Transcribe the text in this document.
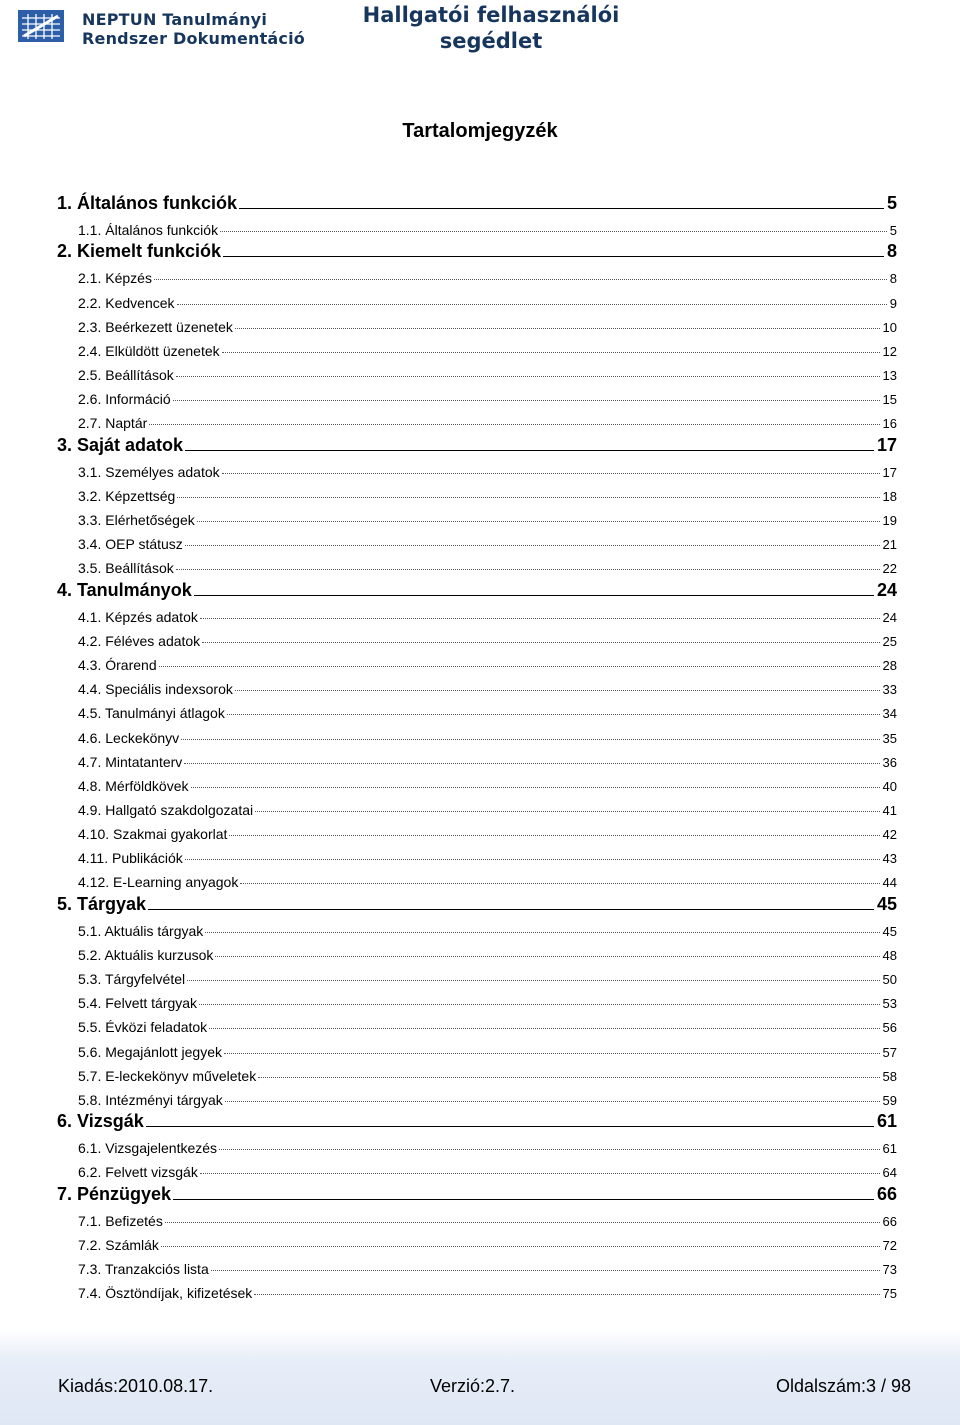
NEPTUN Tanulmányi
Rendszer Dokumentáció
Hallgatói felhasználói
segédlet
Tartalomjegyzék
1. Általános funkciók	5
1.1. Általános funkciók	5
2. Kiemelt funkciók	8
2.1. Képzés	8
2.2. Kedvencek	9
2.3. Beérkezett üzenetek	10
2.4. Elküldött üzenetek	12
2.5. Beállítások	13
2.6. Információ	15
2.7. Naptár	16
3. Saját adatok	17
3.1. Személyes adatok	17
3.2. Képzettség	18
3.3. Elérhetőségek	19
3.4. OEP státusz	21
3.5. Beállítások	22
4. Tanulmányok	24
4.1. Képzés adatok	24
4.2. Féléves adatok	25
4.3. Órarend	28
4.4. Speciális indexsorok	33
4.5. Tanulmányi átlagok	34
4.6. Leckekönyv	35
4.7. Mintatanterv	36
4.8. Mérföldkövek	40
4.9. Hallgató szakdolgozatai	41
4.10. Szakmai gyakorlat	42
4.11. Publikációk	43
4.12. E-Learning anyagok	44
5. Tárgyak	45
5.1. Aktuális tárgyak	45
5.2. Aktuális kurzusok	48
5.3. Tárgyfelvétel	50
5.4. Felvett tárgyak	53
5.5. Évközi feladatok	56
5.6. Megajánlott jegyek	57
5.7. E-leckekönyv műveletek	58
5.8. Intézményi tárgyak	59
6. Vizsgák	61
6.1. Vizsgajelentkezés	61
6.2. Felvett vizsgák	64
7. Pénzügyek	66
7.1. Befizetés	66
7.2. Számlák	72
7.3. Tranzakciós lista	73
7.4. Ösztöndíjak, kifizetések	75
Kiadás:2010.08.17.	Verzió:2.7.	Oldalszám:3 / 98
